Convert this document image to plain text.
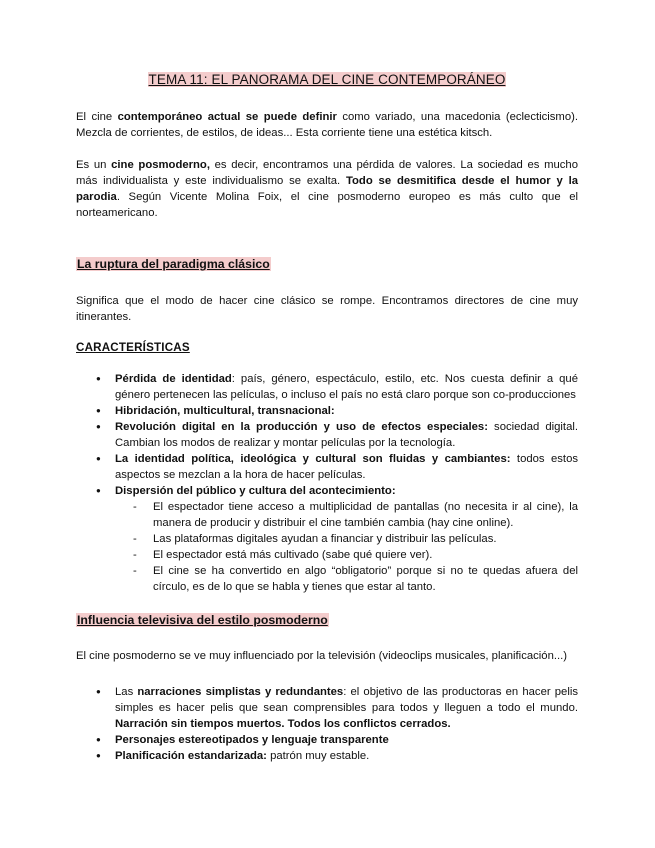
TEMA 11: EL PANORAMA DEL CINE CONTEMPORÁNEO

El cine contemporáneo actual se puede definir como variado, una macedonia (eclecticismo). Mezcla de corrientes, de estilos, de ideas... Esta corriente tiene una estética kitsch.

Es un cine posmoderno, es decir, encontramos una pérdida de valores. La sociedad es mucho más individualista y este individualismo se exalta. Todo se desmitifica desde el humor y la parodia. Según Vicente Molina Foix, el cine posmoderno europeo es más culto que el norteamericano.

La ruptura del paradigma clásico

Significa que el modo de hacer cine clásico se rompe. Encontramos directores de cine muy itinerantes.

CARACTERÍSTICAS
● Pérdida de identidad: país, género, espectáculo, estilo, etc. Nos cuesta definir a qué género pertenecen las películas, o incluso el país no está claro porque son co-producciones
● Hibridación, multicultural, transnacional:
● Revolución digital en la producción y uso de efectos especiales: sociedad digital. Cambian los modos de realizar y montar películas por la tecnología.
● La identidad política, ideológica y cultural son fluidas y cambiantes: todos estos aspectos se mezclan a la hora de hacer películas.
● Dispersión del público y cultura del acontecimiento:
- El espectador tiene acceso a multiplicidad de pantallas (no necesita ir al cine), la manera de producir y distribuir el cine también cambia (hay cine online).
- Las plataformas digitales ayudan a financiar y distribuir las películas.
- El espectador está más cultivado (sabe qué quiere ver).
- El cine se ha convertido en algo “obligatorio” porque si no te quedas afuera del círculo, es de lo que se habla y tienes que estar al tanto.
Influencia televisiva del estilo posmoderno

El cine posmoderno se ve muy influenciado por la televisión (videoclips musicales, planificación...)

● Las narraciones simplistas y redundantes: el objetivo de las productoras en hacer pelis simples es hacer pelis que sean comprensibles para todos y lleguen a todo el mundo. Narración sin tiempos muertos. Todos los conflictos cerrados.
● Personajes estereotipados y lenguaje transparente
● Planificación estandarizada: patrón muy estable.
